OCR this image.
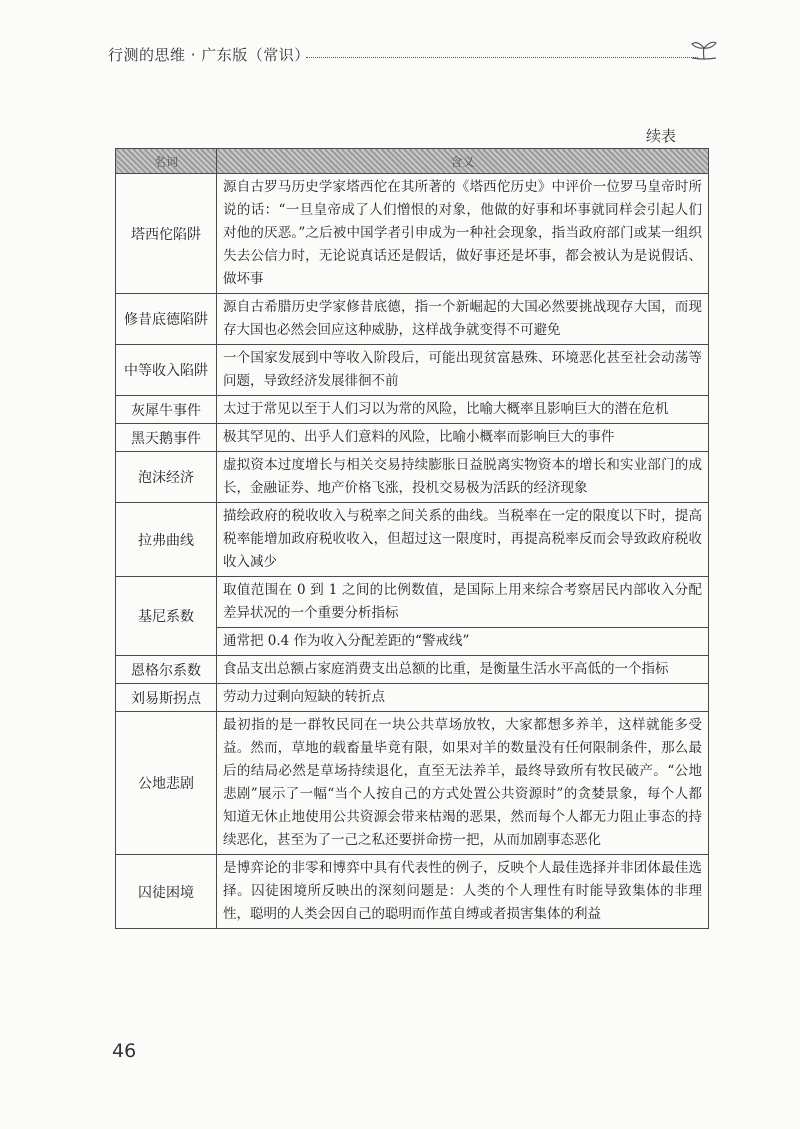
行测的思维 · 广东版（常识）
续表
名词	含义
塔西佗陷阱	源自古罗马历史学家塔西佗在其所著的《塔西佗历史》中评价一位罗马皇帝时所说的话：“一旦皇帝成了人们憎恨的对象，他做的好事和坏事就同样会引起人们对他的厌恶。”之后被中国学者引申成为一种社会现象，指当政府部门或某一组织失去公信力时，无论说真话还是假话，做好事还是坏事，都会被认为是说假话、做坏事
修昔底德陷阱	源自古希腊历史学家修昔底德，指一个新崛起的大国必然要挑战现存大国，而现存大国也必然会回应这种威胁，这样战争就变得不可避免
中等收入陷阱	一个国家发展到中等收入阶段后，可能出现贫富悬殊、环境恶化甚至社会动荡等问题，导致经济发展徘徊不前
灰犀牛事件	太过于常见以至于人们习以为常的风险，比喻大概率且影响巨大的潜在危机
黑天鹅事件	极其罕见的、出乎人们意料的风险，比喻小概率而影响巨大的事件
泡沫经济	虚拟资本过度增长与相关交易持续膨胀日益脱离实物资本的增长和实业部门的成长，金融证券、地产价格飞涨，投机交易极为活跃的经济现象
拉弗曲线	描绘政府的税收收入与税率之间关系的曲线。当税率在一定的限度以下时，提高税率能增加政府税收收入，但超过这一限度时，再提高税率反而会导致政府税收收入减少
基尼系数	取值范围在 0 到 1 之间的比例数值，是国际上用来综合考察居民内部收入分配差异状况的一个重要分析指标
	通常把 0.4 作为收入分配差距的“警戒线”
恩格尔系数	食品支出总额占家庭消费支出总额的比重，是衡量生活水平高低的一个指标
刘易斯拐点	劳动力过剩向短缺的转折点
公地悲剧	最初指的是一群牧民同在一块公共草场放牧，大家都想多养羊，这样就能多受益。然而，草地的载畜量毕竟有限，如果对羊的数量没有任何限制条件，那么最后的结局必然是草场持续退化，直至无法养羊，最终导致所有牧民破产。“公地悲剧”展示了一幅“当个人按自己的方式处置公共资源时”的贪婪景象，每个人都知道无休止地使用公共资源会带来枯竭的恶果，然而每个人都无力阻止事态的持续恶化，甚至为了一己之私还要拼命捞一把，从而加剧事态恶化
囚徒困境	是博弈论的非零和博弈中具有代表性的例子，反映个人最佳选择并非团体最佳选择。囚徒困境所反映出的深刻问题是：人类的个人理性有时能导致集体的非理性，聪明的人类会因自己的聪明而作茧自缚或者损害集体的利益
46
